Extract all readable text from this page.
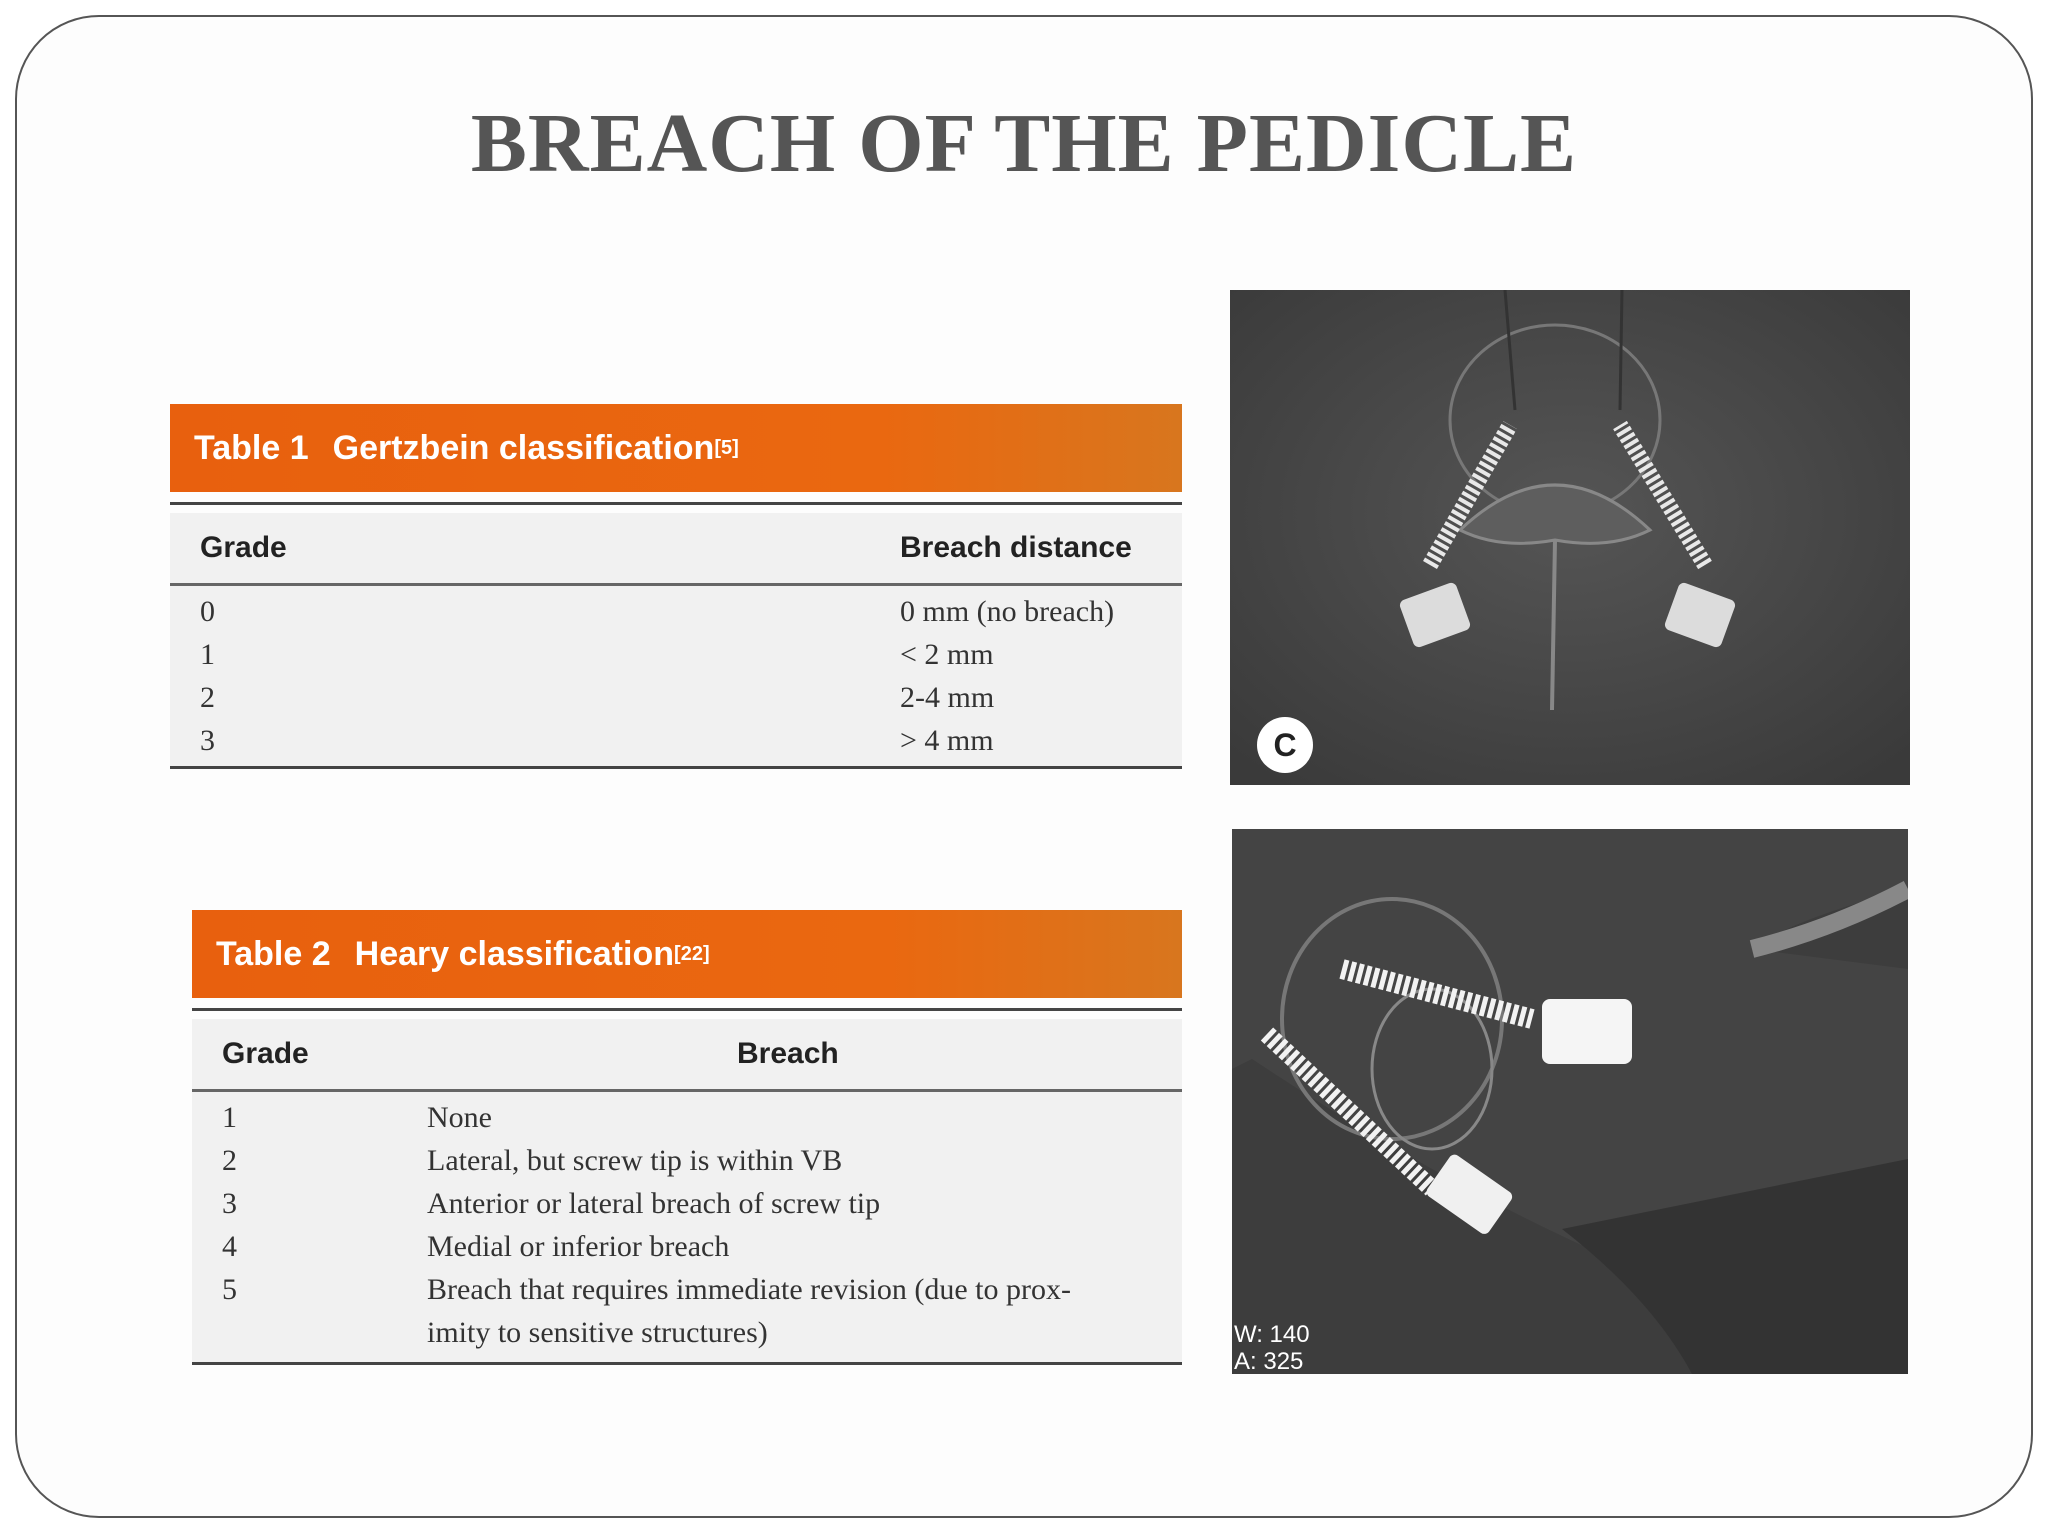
BREACH OF THE PEDICLE
Table 1 Gertzbein classification [5]
Grade	Breach distance
0	0 mm (no breach)
1	< 2 mm
2	2-4 mm
3	> 4 mm
Table 2 Heary classification [22]
Grade	Breach
1	None
2	Lateral, but screw tip is within VB
3	Anterior or lateral breach of screw tip
4	Medial or inferior breach
5	Breach that requires immediate revision (due to prox-
imity to sensitive structures)
C
W: 140
A: 325
